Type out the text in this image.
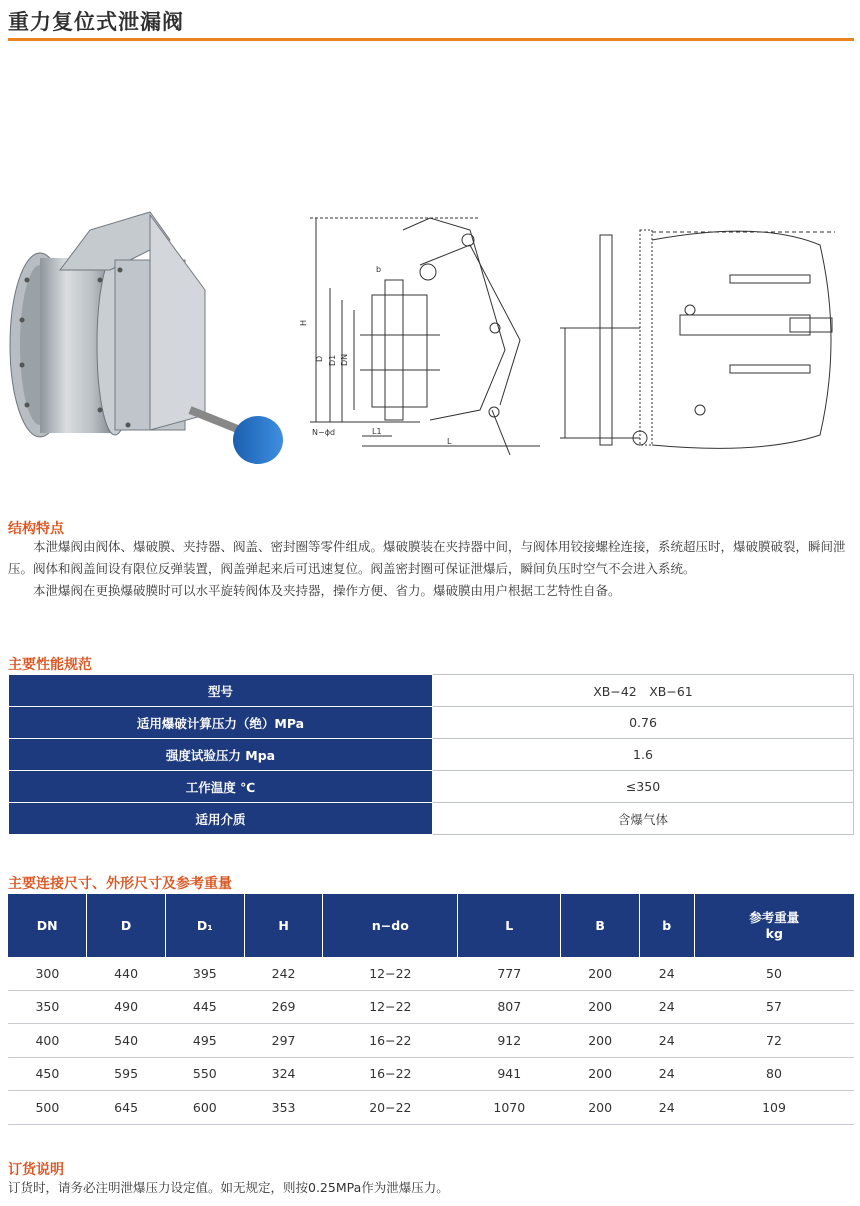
重力复位式泄漏阀
b
H
D D1 DN
N−ϕd	L1
L
结构特点

本泄爆阀由阀体、爆破膜、夹持器、阀盖、密封圈等零件组成。爆破膜装在夹持器中间，与阀体用铰接螺栓连接，系统超压时，爆破膜破裂，瞬间泄压。阀体和阀盖间设有限位反弹装置，阀盖弹起来后可迅速复位。阀盖密封圈可保证泄爆后，瞬间负压时空气不会进入系统。

本泄爆阀在更换爆破膜时可以水平旋转阀体及夹持器，操作方便、省力。爆破膜由用户根据工艺特性自备。

主要性能规范
型号	XB−42　XB−61
适用爆破计算压力（绝）MPa	0.76
强度试验压力 Mpa	1.6
工作温度 ℃	≤350
适用介质	含爆气体
主要连接尺寸、外形尺寸及参考重量
DN	D	D₁	H	n−do	L	B	b	参考重量
kg
300	440	395	242	12−22	777	200	24	50
350	490	445	269	12−22	807	200	24	57
400	540	495	297	16−22	912	200	24	72
450	595	550	324	16−22	941	200	24	80
500	645	600	353	20−22	1070	200	24	109
订货说明
订货时，请务必注明泄爆压力设定值。如无规定，则按0.25MPa作为泄爆压力。
